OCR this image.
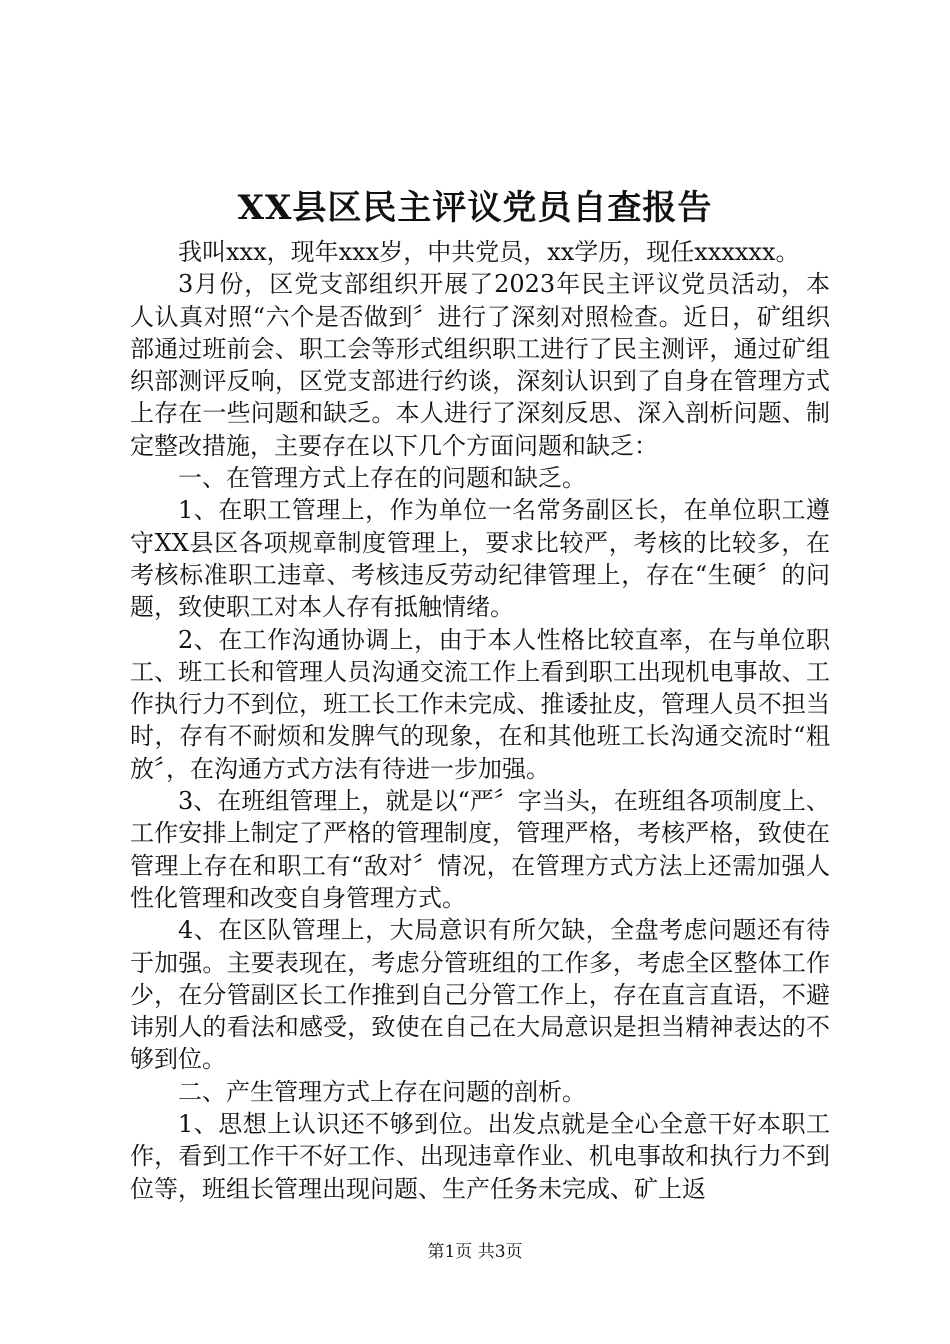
XX县区民主评议党员自查报告

我叫xxx，现年xxx岁，中共党员，xx学历，现任xxxxxx。

3月份，区党支部组织开展了2023年民主评议党员活动，本人认真对照“六个是否做到〞进行了深刻对照检查。近日，矿组织部通过班前会、职工会等形式组织职工进行了民主测评，通过矿组织部测评反响，区党支部进行约谈，深刻认识到了自身在管理方式上存在一些问题和缺乏。本人进行了深刻反思、深入剖析问题、制定整改措施，主要存在以下几个方面问题和缺乏：

一、在管理方式上存在的问题和缺乏。

1、在职工管理上，作为单位一名常务副区长，在单位职工遵守XX县区各项规章制度管理上，要求比较严，考核的比较多，在考核标准职工违章、考核违反劳动纪律管理上，存在“生硬〞的问题，致使职工对本人存有抵触情绪。

2、在工作沟通协调上，由于本人性格比较直率，在与单位职工、班工长和管理人员沟通交流工作上看到职工出现机电事故、工作执行力不到位，班工长工作未完成、推诿扯皮，管理人员不担当时，存有不耐烦和发脾气的现象，在和其他班工长沟通交流时“粗放〞，在沟通方式方法有待进一步加强。

3、在班组管理上，就是以“严〞字当头，在班组各项制度上、工作安排上制定了严格的管理制度，管理严格，考核严格，致使在管理上存在和职工有“敌对〞情况，在管理方式方法上还需加强人性化管理和改变自身管理方式。

4、在区队管理上，大局意识有所欠缺，全盘考虑问题还有待于加强。主要表现在，考虑分管班组的工作多，考虑全区整体工作少，在分管副区长工作推到自己分管工作上，存在直言直语，不避讳别人的看法和感受，致使在自己在大局意识是担当精神表达的不够到位。

二、产生管理方式上存在问题的剖析。

1、思想上认识还不够到位。出发点就是全心全意干好本职工作，看到工作干不好工作、出现违章作业、机电事故和执行力不到位等，班组长管理出现问题、生产任务未完成、矿上返

第1页 共3页
